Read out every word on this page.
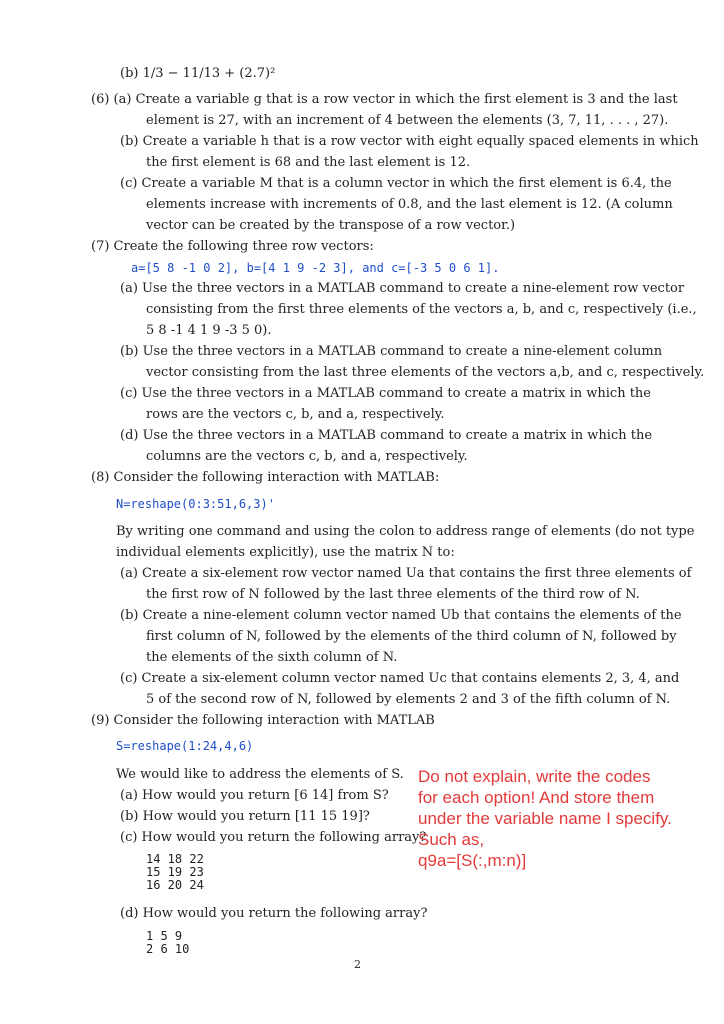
(b) 1/3 − 11/13 + (2.7)²
(6) (a) Create a variable g that is a row vector in which the first element is 3 and the last
element is 27, with an increment of 4 between the elements (3, 7, 11, . . . , 27).
(b) Create a variable h that is a row vector with eight equally spaced elements in which
the first element is 68 and the last element is 12.
(c) Create a variable M that is a column vector in which the first element is 6.4, the
elements increase with increments of 0.8, and the last element is 12. (A column
vector can be created by the transpose of a row vector.)
(7) Create the following three row vectors:
a=[5 8 -1 0 2], b=[4 1 9 -2 3], and c=[-3 5 0 6 1].
(a) Use the three vectors in a MATLAB command to create a nine-element row vector
consisting from the first three elements of the vectors a, b, and c, respectively (i.e.,
5 8 -1 4 1 9 -3 5 0).
(b) Use the three vectors in a MATLAB command to create a nine-element column
vector consisting from the last three elements of the vectors a,b, and c, respectively.
(c) Use the three vectors in a MATLAB command to create a matrix in which the
rows are the vectors c, b, and a, respectively.
(d) Use the three vectors in a MATLAB command to create a matrix in which the
columns are the vectors c, b, and a, respectively.
(8) Consider the following interaction with MATLAB:
N=reshape(0:3:51,6,3)'
By writing one command and using the colon to address range of elements (do not type
individual elements explicitly), use the matrix N to:
(a) Create a six-element row vector named Ua that contains the first three elements of
the first row of N followed by the last three elements of the third row of N.
(b) Create a nine-element column vector named Ub that contains the elements of the
first column of N, followed by the elements of the third column of N, followed by
the elements of the sixth column of N.
(c) Create a six-element column vector named Uc that contains elements 2, 3, 4, and
5 of the second row of N, followed by elements 2 and 3 of the fifth column of N.
(9) Consider the following interaction with MATLAB
S=reshape(1:24,4,6)
We would like to address the elements of S.
(a) How would you return [6 14] from S?
(b) How would you return [11 15 19]?
(c) How would you return the following array?
14 18 22
15 19 23
16 20 24
(d) How would you return the following array?
1 5 9
2 6 10
Do not explain, write the codes
for each option! And store them
under the variable name I specify.
Such as,
q9a=[S(:,m:n)]
2
